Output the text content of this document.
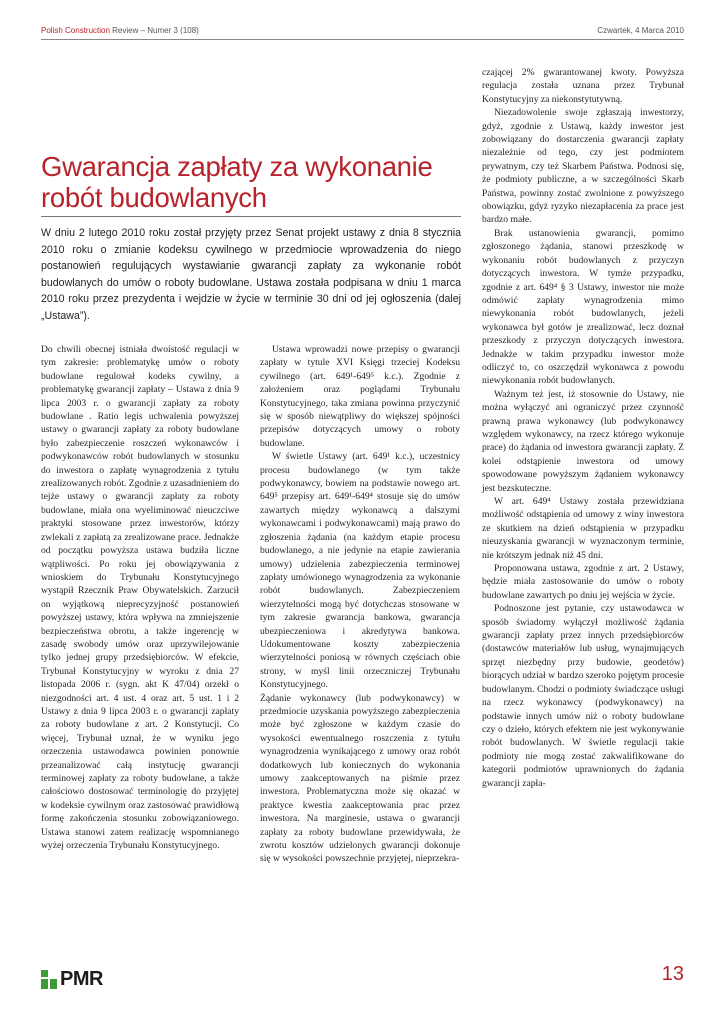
Polish Construction Review – Numer 3 (108)	Czwartek, 4 Marca 2010
Gwarancja zapłaty za wykonanie robót budowlanych

W dniu 2 lutego 2010 roku został przyjęty przez Senat projekt ustawy z dnia 8 stycznia 2010 roku o zmianie kodeksu cywilnego w przedmiocie wprowadzenia do niego postanowień regulujących wystawianie gwarancji zapłaty za wykonanie robót budowlanych do umów o roboty budowlane. Ustawa została podpisana w dniu 1 marca 2010 roku przez prezydenta i wejdzie w życie w terminie 30 dni od jej ogłoszenia (dalej „Ustawa”).

Do chwili obecnej istniała dwoistość regulacji w tym zakresie: problematykę umów o roboty budowlane regulował kodeks cywilny, a problematykę gwarancji zapłaty – Ustawa z dnia 9 lipca 2003 r. o gwarancji zapłaty za roboty budowlane . Ratio legis uchwalenia powyższej ustawy o gwarancji zapłaty za roboty budowlane było zabezpieczenie roszczeń wykonawców i podwykonawców robót budowlanych w stosunku do inwestora o zapłatę wynagrodzenia z tytułu zrealizowanych robót. Zgodnie z uzasadnieniem do tejże ustawy o gwarancji zapłaty za roboty budowlane, miała ona wyeliminować nieuczciwe praktyki stosowane przez inwestorów, którzy zwlekali z zapłatą za zrealizowane prace. Jednakże od początku powyższa ustawa budziła liczne wątpliwości. Po roku jej obowiązywania z wnioskiem do Trybunału Konstytucyjnego wystąpił Rzecznik Praw Obywatelskich. Zarzucił on wyjątkową nieprecyzyjność postanowień powyższej ustawy, która wpływa na zmniejszenie bezpieczeństwa obrotu, a także ingerencję w zasadę swobody umów oraz uprzywilejowanie tylko jednej grupy przedsiębiorców. W efekcie, Trybunał Konstytucyjny w wyroku z dnia 27 listopada 2006 r. (sygn. akt K 47/04) orzekł o niezgodności art. 4 ust. 4 oraz art. 5 ust. 1 i 2 Ustawy z dnia 9 lipca 2003 r. o gwarancji zapłaty za roboty budowlane z art. 2 Konstytucji. Co więcej, Trybunał uznał, że w wyniku jego orzeczenia ustawodawca powinien ponownie przeanalizować całą instytucję gwarancji terminowej zapłaty za roboty budowlane, a także całościowo dostosować terminologię do przyjętej w kodeksie cywilnym oraz zastosować prawidłową formę zakończenia stosunku zobowiązaniowego. Ustawa stanowi zatem realizację wspomnianego wyżej orzeczenia Trybunału Konstytucyjnego.

Ustawa wprowadzi nowe przepisy o gwarancji zapłaty w tytule XVI Księgi trzeciej Kodeksu cywilnego (art. 649¹-649⁵ k.c.). Zgodnie z założeniem oraz poglądami Trybunału Konstytucyjnego, taka zmiana powinna przyczynić się w sposób niewątpliwy do większej spójności przepisów dotyczących umowy o roboty budowlane.

W świetle Ustawy (art. 649¹ k.c.), uczestnicy procesu budowlanego (w tym także podwykonawcy, bowiem na podstawie nowego art. 649⁵ przepisy art. 649¹-649⁴ stosuje się do umów zawartych między wykonawcą a dalszymi wykonawcami i podwykonawcami) mają prawo do zgłoszenia żądania (na każdym etapie procesu budowlanego, a nie jedynie na etapie zawierania umowy) udzielenia zabezpieczenia terminowej zapłaty umówionego wynagrodzenia za wykonanie robót budowlanych. Zabezpieczeniem wierzytelności mogą być dotychczas stosowane w tym zakresie gwarancja bankowa, gwarancja ubezpieczeniowa i akredytywa bankowa. Udokumentowane koszty zabezpieczenia wierzytelności poniosą w równych częściach obie strony, w myśl linii orzeczniczej Trybunału Konstytucyjnego.

Żądanie wykonawcy (lub podwykonawcy) w przedmiocie uzyskania powyższego zabezpieczenia może być zgłoszone w każdym czasie do wysokości ewentualnego roszczenia z tytułu wynagrodzenia wynikającego z umowy oraz robót dodatkowych lub koniecznych do wykonania umowy zaakceptowanych na piśmie przez inwestora. Problematyczna może się okazać w praktyce kwestia zaakceptowania prac przez inwestora. Na marginesie, ustawa o gwarancji zapłaty za roboty budowlane przewidywała, że zwrotu kosztów udzielonych gwarancji dokonuje się w wysokości powszechnie przyjętej, nieprzekra-

czającej 2% gwarantowanej kwoty. Powyższa regulacja została uznana przez Trybunał Konstytucyjny za niekonstytutywną.

Niezadowolenie swoje zgłaszają inwestorzy, gdyż, zgodnie z Ustawą, każdy inwestor jest zobowiązany do dostarczenia gwarancji zapłaty niezależnie od tego, czy jest podmiotem prywatnym, czy też Skarbem Państwa. Podnosi się, że podmioty publiczne, a w szczególności Skarb Państwa, powinny zostać zwolnione z powyższego obowiązku, gdyż ryzyko niezapłacenia za prace jest bardzo małe.

Brak ustanowienia gwarancji, pomimo zgłoszonego żądania, stanowi przeszkodę w wykonaniu robót budowlanych z przyczyn dotyczących inwestora. W tymże przypadku, zgodnie z art. 649⁴ § 3 Ustawy, inwestor nie może odmówić zapłaty wynagrodzenia mimo niewykonania robót budowlanych, jeżeli wykonawca był gotów je zrealizować, lecz doznał przeszkody z przyczyn dotyczących inwestora. Jednakże w takim przypadku inwestor może odliczyć to, co oszczędził wykonawca z powodu niewykonania robót budowlanych.

Ważnym też jest, iż stosownie do Ustawy, nie można wyłączyć ani ograniczyć przez czynność prawną prawa wykonawcy (lub podwykonawcy względem wykonawcy, na rzecz którego wykonuje prace) do żądania od inwestora gwarancji zapłaty. Z kolei odstąpienie inwestora od umowy spowodowane powyższym żądaniem wykonawcy jest bezskuteczne.

W art. 649⁴ Ustawy została przewidziana możliwość odstąpienia od umowy z winy inwestora ze skutkiem na dzień odstąpienia w przypadku nieuzyskania gwarancji w wyznaczonym terminie, nie krótszym jednak niż 45 dni.

Proponowana ustawa, zgodnie z art. 2 Ustawy, będzie miała zastosowanie do umów o roboty budowlane zawartych po dniu jej wejścia w życie.

Podnoszone jest pytanie, czy ustawodawca w sposób świadomy wyłączył możliwość żądania gwarancji zapłaty przez innych przedsiębiorców (dostawców materiałów lub usług, wynajmujących sprzęt niezbędny przy budowie, geodetów) biorących udział w bardzo szeroko pojętym procesie budowlanym. Chodzi o podmioty świadczące usługi na rzecz wykonawcy (podwykonawcy) na podstawie innych umów niż o roboty budowlane czy o dzieło, których efektem nie jest wykonywanie robót budowlanych. W świetle regulacji takie podmioty nie mogą zostać zakwalifikowane do kategorii podmiotów uprawnionych do żądania gwarancji zapła-

PMR	13
